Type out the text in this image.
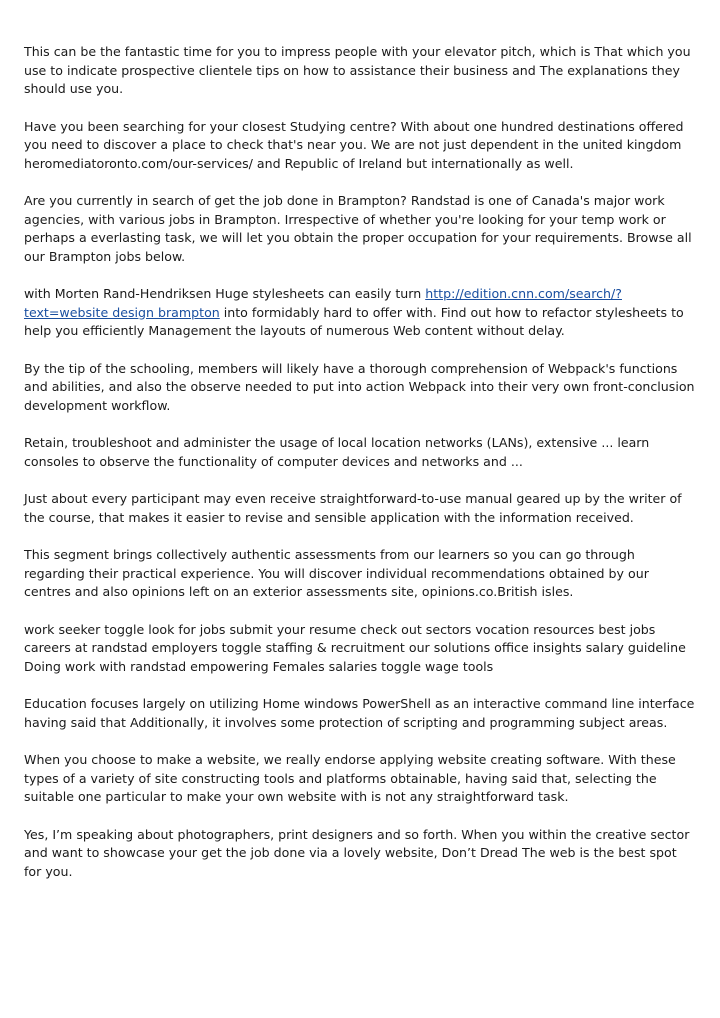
This can be the fantastic time for you to impress people with your elevator pitch, which is That which you use to indicate prospective clientele tips on how to assistance their business and The explanations they should use you.

Have you been searching for your closest Studying centre? With about one hundred destinations offered you need to discover a place to check that's near you. We are not just dependent in the united kingdom heromediatoronto.com/our-services/ and Republic of Ireland but internationally as well.

Are you currently in search of get the job done in Brampton? Randstad is one of Canada's major work agencies, with various jobs in Brampton. Irrespective of whether you're looking for your temp work or perhaps a everlasting task, we will let you obtain the proper occupation for your requirements. Browse all our Brampton jobs below.

with Morten Rand-Hendriksen Huge stylesheets can easily turn http://edition.cnn.com/search/?text=website design brampton into formidably hard to offer with. Find out how to refactor stylesheets to help you efficiently Management the layouts of numerous Web content without delay.

By the tip of the schooling, members will likely have a thorough comprehension of Webpack's functions and abilities, and also the observe needed to put into action Webpack into their very own front-conclusion development workflow.

Retain, troubleshoot and administer the usage of local location networks (LANs), extensive ... learn consoles to observe the functionality of computer devices and networks and ...

Just about every participant may even receive straightforward-to-use manual geared up by the writer of the course, that makes it easier to revise and sensible application with the information received.

This segment brings collectively authentic assessments from our learners so you can go through regarding their practical experience. You will discover individual recommendations obtained by our centres and also opinions left on an exterior assessments site, opinions.co.British isles.

work seeker toggle look for jobs submit your resume check out sectors vocation resources best jobs careers at randstad employers toggle staffing & recruitment our solutions office insights salary guideline Doing work with randstad empowering Females salaries toggle wage tools

Education focuses largely on utilizing Home windows PowerShell as an interactive command line interface having said that Additionally, it involves some protection of scripting and programming subject areas.

When you choose to make a website, we really endorse applying website creating software. With these types of a variety of site constructing tools and platforms obtainable, having said that, selecting the suitable one particular to make your own website with is not any straightforward task.

Yes, I’m speaking about photographers, print designers and so forth. When you within the creative sector and want to showcase your get the job done via a lovely website, Don’t Dread The web is the best spot for you.
